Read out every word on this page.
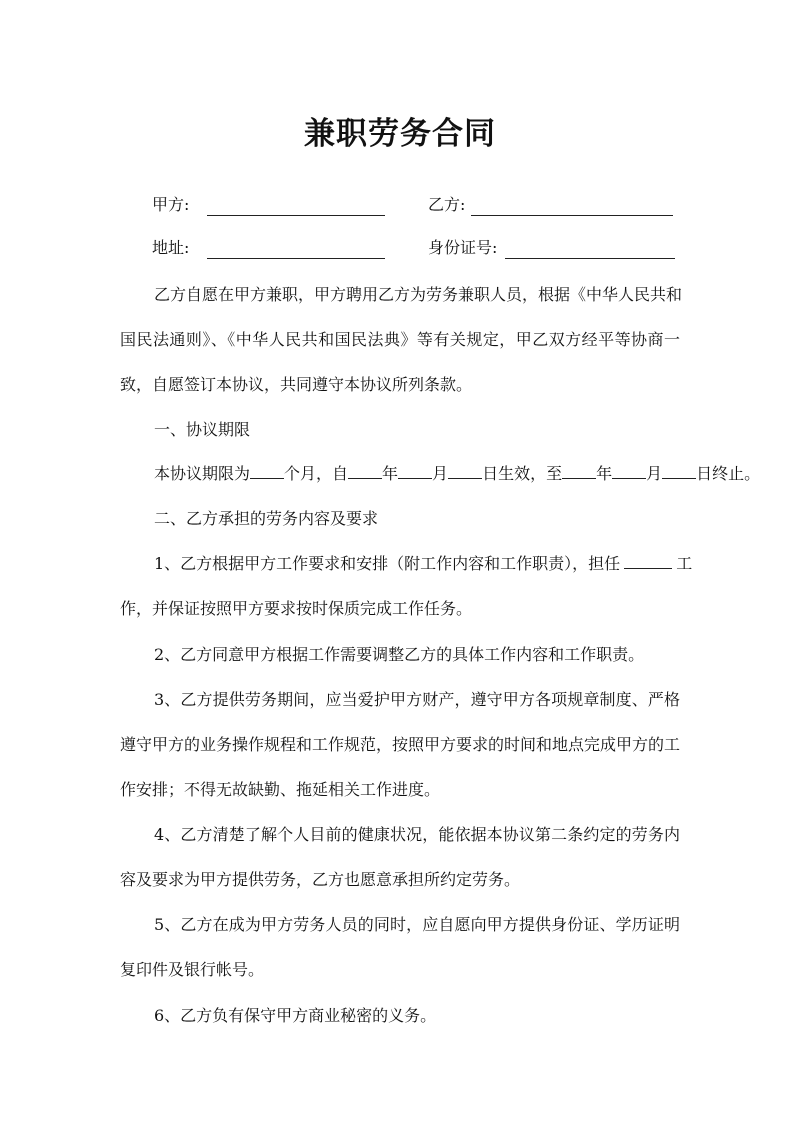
兼职劳务合同
甲方:	乙方:
地址:	身份证号:
乙方自愿在甲方兼职，甲方聘用乙方为劳务兼职人员，根据《中华人民共和
国民法通则》、《中华人民共和国民法典》等有关规定，甲乙双方经平等协商一
致，自愿签订本协议，共同遵守本协议所列条款。
一、协议期限
本协议期限为 个月，自 年 月 日生效，至 年 月 日终止。
二、乙方承担的劳务内容及要求
1、乙方根据甲方工作要求和安排（附工作内容和工作职责），担任	工
作，并保证按照甲方要求按时保质完成工作任务。
2、乙方同意甲方根据工作需要调整乙方的具体工作内容和工作职责。
3、乙方提供劳务期间，应当爱护甲方财产，遵守甲方各项规章制度、严格
遵守甲方的业务操作规程和工作规范，按照甲方要求的时间和地点完成甲方的工
作安排；不得无故缺勤、拖延相关工作进度。
4、乙方清楚了解个人目前的健康状况，能依据本协议第二条约定的劳务内
容及要求为甲方提供劳务，乙方也愿意承担所约定劳务。
5、乙方在成为甲方劳务人员的同时，应自愿向甲方提供身份证、学历证明
复印件及银行帐号。
6、乙方负有保守甲方商业秘密的义务。
